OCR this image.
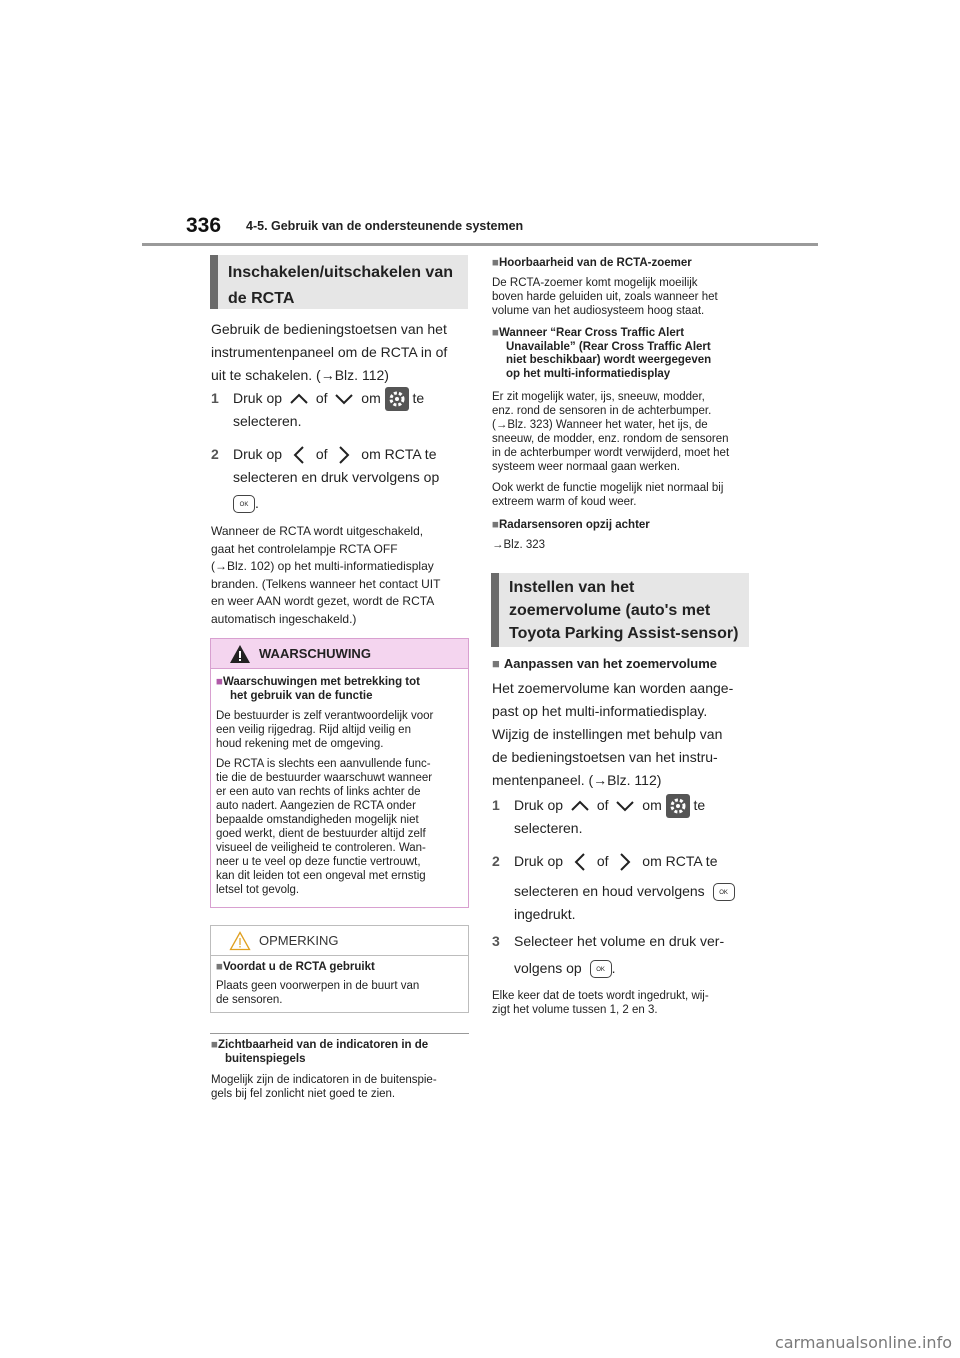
336 4-5. Gebruik van de ondersteunende systemen
Inschakelen/uitschakelen van
de RCTA
Gebruik de bedieningstoetsen van het
instrumentenpaneel om de RCTA in of
uit te schakelen. (→Blz. 112)
1 Druk op of om te
selecteren.
2 Druk op of om RCTA te
selecteren en druk vervolgens op
OK .
Wanneer de RCTA wordt uitgeschakeld,
gaat het controlelampje RCTA OFF
(→Blz. 102) op het multi-informatiedisplay
branden. (Telkens wanneer het contact UIT
en weer AAN wordt gezet, wordt de RCTA
automatisch ingeschakeld.)
WAARSCHUWING
■Waarschuwingen met betrekking tot
het gebruik van de functie
De bestuurder is zelf verantwoordelijk voor
een veilig rijgedrag. Rijd altijd veilig en
houd rekening met de omgeving.
De RCTA is slechts een aanvullende func-
tie die de bestuurder waarschuwt wanneer
er een auto van rechts of links achter de
auto nadert. Aangezien de RCTA onder
bepaalde omstandigheden mogelijk niet
goed werkt, dient de bestuurder altijd zelf
visueel de veiligheid te controleren. Wan-
neer u te veel op deze functie vertrouwt,
kan dit leiden tot een ongeval met ernstig
letsel tot gevolg.
OPMERKING
■Voordat u de RCTA gebruikt
Plaats geen voorwerpen in de buurt van
de sensoren.
■Zichtbaarheid van de indicatoren in de
buitenspiegels
Mogelijk zijn de indicatoren in de buitenspie-
gels bij fel zonlicht niet goed te zien.
■Hoorbaarheid van de RCTA-zoemer
De RCTA-zoemer komt mogelijk moeilijk
boven harde geluiden uit, zoals wanneer het
volume van het audiosysteem hoog staat.
■Wanneer “Rear Cross Traffic Alert
Unavailable” (Rear Cross Traffic Alert
niet beschikbaar) wordt weergegeven
op het multi-informatiedisplay
Er zit mogelijk water, ijs, sneeuw, modder,
enz. rond de sensoren in de achterbumper.
(→Blz. 323) Wanneer het water, het ijs, de
sneeuw, de modder, enz. rondom de sensoren
in de achterbumper wordt verwijderd, moet het
systeem weer normaal gaan werken.
Ook werkt de functie mogelijk niet normaal bij
extreem warm of koud weer.
■Radarsensoren opzij achter
→Blz. 323
Instellen van het
zoemervolume (auto's met
Toyota Parking Assist-sensor)
■ Aanpassen van het zoemervolume
Het zoemervolume kan worden aange-
past op het multi-informatiedisplay.
Wijzig de instellingen met behulp van
de bedieningstoetsen van het instru-
mentenpaneel. (→Blz. 112)
1 Druk op of om te
selecteren.
2 Druk op of om RCTA te
selecteren en houd vervolgens OK
ingedrukt.
3 Selecteer het volume en druk ver-
volgens op OK .
Elke keer dat de toets wordt ingedrukt, wij-
zigt het volume tussen 1, 2 en 3.
carmanualsonline.info
